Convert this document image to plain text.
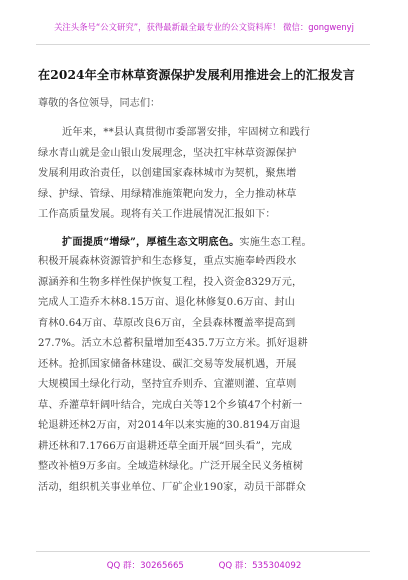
关注头条号“公文研究”，获得最新最全最专业的公文资料库！ 微信：gongwenyj
在2024年全市林草资源保护发展利用推进会上的汇报发言
尊敬的各位领导，同志们：
近年来，**县认真贯彻市委部署安排，牢固树立和践行
绿水青山就是金山银山发展理念，坚决扛牢林草资源保护
发展利用政治责任，以创建国家森林城市为契机，聚焦增
绿、护绿、管绿、用绿精准施策靶向发力，全力推动林草
工作高质量发展。现将有关工作进展情况汇报如下：
扩面提质“增绿”，厚植生态文明底色。实施生态工程。
积极开展森林资源管护和生态修复，重点实施奉岭西段水
源涵养和生物多样性保护恢复工程，投入资金8329万元，
完成人工造乔木林8.15万亩、退化林修复0.6万亩、封山
育林0.64万亩、草原改良6万亩，全县森林覆盖率提高到
27.7%。活立木总蓄积量增加至435.7万立方米。抓好退耕
还林。抢抓国家储备林建设、碳汇交易等发展机遇，开展
大规模国土绿化行动，坚持宜乔则乔、宜灌则灌、宜草则
草、乔灌草轩阔叶结合，完成白关等12个乡镇47个村新一
轮退耕还林2万亩，对2014年以来实施的30.8194万亩退
耕还林和7.1766万亩退耕还草全面开展“回头看”，完成
整改补植9万多亩。全域造林绿化。广泛开展全民义务植树
活动，组织机关事业单位、厂矿企业190家，动员干部群众
QQ 群：30265665	QQ 群：535304092
